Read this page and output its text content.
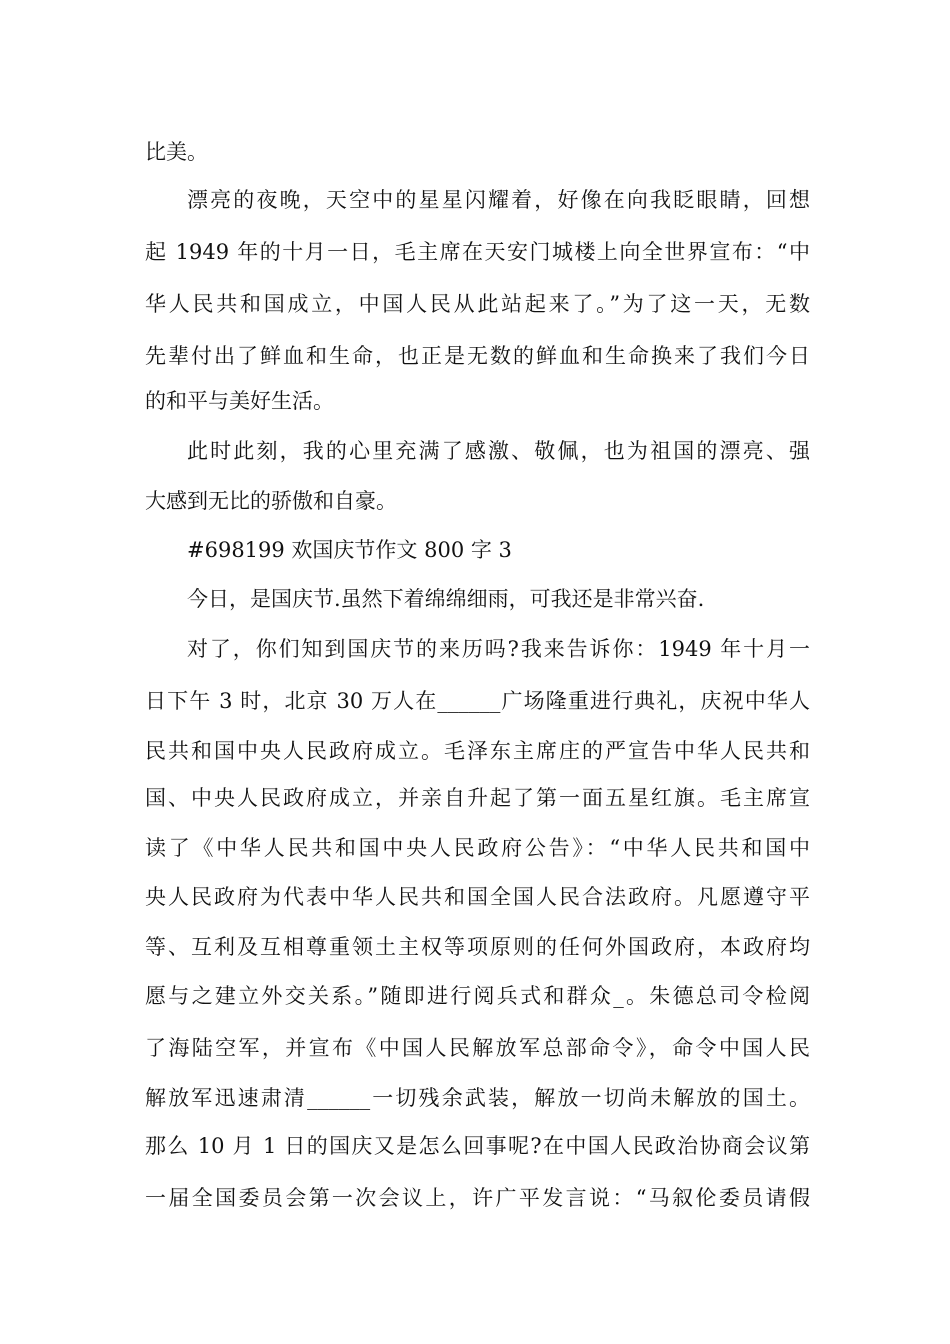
比美。
漂亮的夜晚，天空中的星星闪耀着，好像在向我眨眼睛，回想
起 1949 年的十月一日，毛主席在天安门城楼上向全世界宣布：“中
华人民共和国成立，中国人民从此站起来了。”为了这一天，无数
先辈付出了鲜血和生命，也正是无数的鲜血和生命换来了我们今日
的和平与美好生活。
此时此刻，我的心里充满了感激、敬佩，也为祖国的漂亮、强
大感到无比的骄傲和自豪。
#698199 欢国庆节作文 800 字 3
今日，是国庆节.虽然下着绵绵细雨，可我还是非常兴奋.
对了，你们知到国庆节的来历吗?我来告诉你：1949 年十月一
日下午 3 时，北京 30 万人在______广场隆重进行典礼，庆祝中华人
民共和国中央人民政府成立。毛泽东主席庄的严宣告中华人民共和
国、中央人民政府成立，并亲自升起了第一面五星红旗。毛主席宣
读了《中华人民共和国中央人民政府公告》：“中华人民共和国中
央人民政府为代表中华人民共和国全国人民合法政府。凡愿遵守平
等、互利及互相尊重领土主权等项原则的任何外国政府，本政府均
愿与之建立外交关系。”随即进行阅兵式和群众_。朱德总司令检阅
了海陆空军，并宣布《中国人民解放军总部命令》，命令中国人民
解放军迅速肃清______一切残余武装，解放一切尚未解放的国土。
那么 10 月 1 日的国庆又是怎么回事呢?在中国人民政治协商会议第
一届全国委员会第一次会议上，许广平发言说：“马叙伦委员请假
